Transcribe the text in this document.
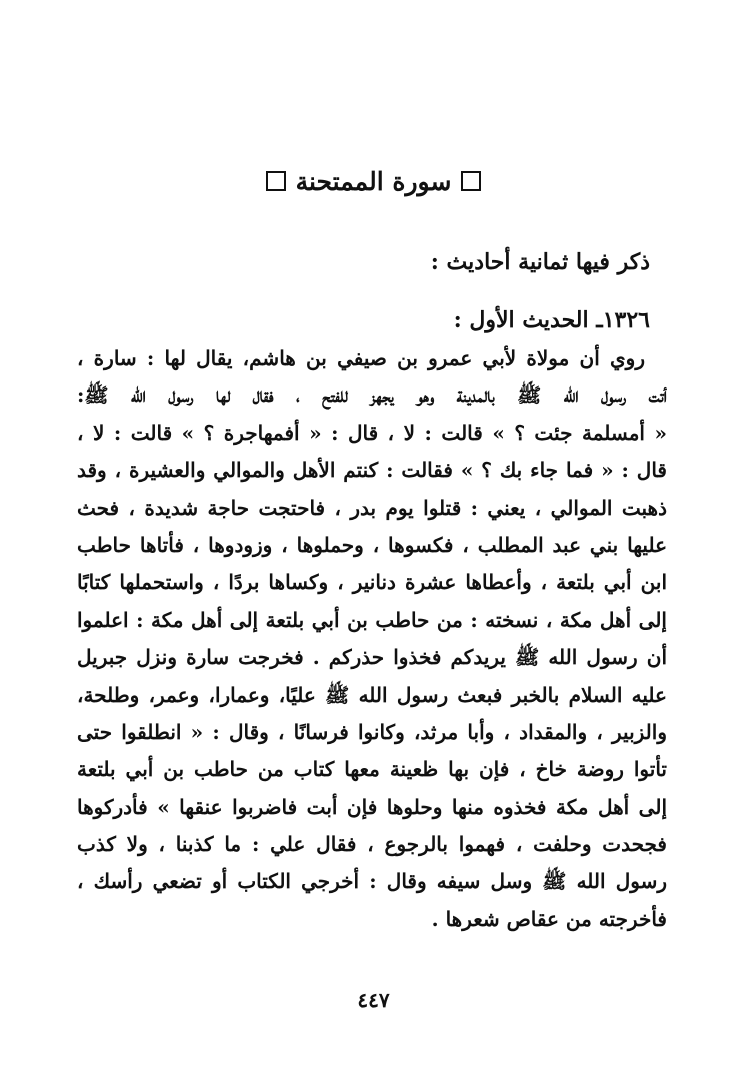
سورة الممتحنة
ذكر فيها ثمانية أحاديث :
١٣٢٦ـ الحديث الأول :
روي أن مولاة لأبي عمرو بن صيفي بن هاشم، يقال لها : سارة ،
أتت رسول الله ﷺ بالمدينة وهو يجهز للفتح ، فقال لها رسول الله ﷺ:
« أمسلمة جئت ؟ » قالت : لا ، قال : « أفمهاجرة ؟ » قالت : لا ،
قال : « فما جاء بك ؟ » فقالت : كنتم الأهل والموالي والعشيرة ، وقد
ذهبت الموالي ، يعني : قتلوا يوم بدر ، فاحتجت حاجة شديدة ، فحث
عليها بني عبد المطلب ، فكسوها ، وحملوها ، وزودوها ، فأتاها حاطب
ابن أبي بلتعة ، وأعطاها عشرة دنانير ، وكساها بردًا ، واستحملها كتابًا
إلى أهل مكة ، نسخته : من حاطب بن أبي بلتعة إلى أهل مكة : اعلموا
أن رسول الله ﷺ يريدكم فخذوا حذركم . فخرجت سارة ونزل جبريل
عليه السلام بالخبر فبعث رسول الله ﷺ عليًا، وعمارا، وعمر، وطلحة،
والزبير ، والمقداد ، وأبا مرثد، وكانوا فرسانًا ، وقال : « انطلقوا حتى
تأتوا روضة خاخ ، فإن بها ظعينة معها كتاب من حاطب بن أبي بلتعة
إلى أهل مكة فخذوه منها وحلوها فإن أبت فاضربوا عنقها » فأدركوها
فجحدت وحلفت ، فهموا بالرجوع ، فقال علي : ما كذبنا ، ولا كذب
رسول الله ﷺ وسل سيفه وقال : أخرجي الكتاب أو تضعي رأسك ،
فأخرجته من عقاص شعرها .
٤٤٧
